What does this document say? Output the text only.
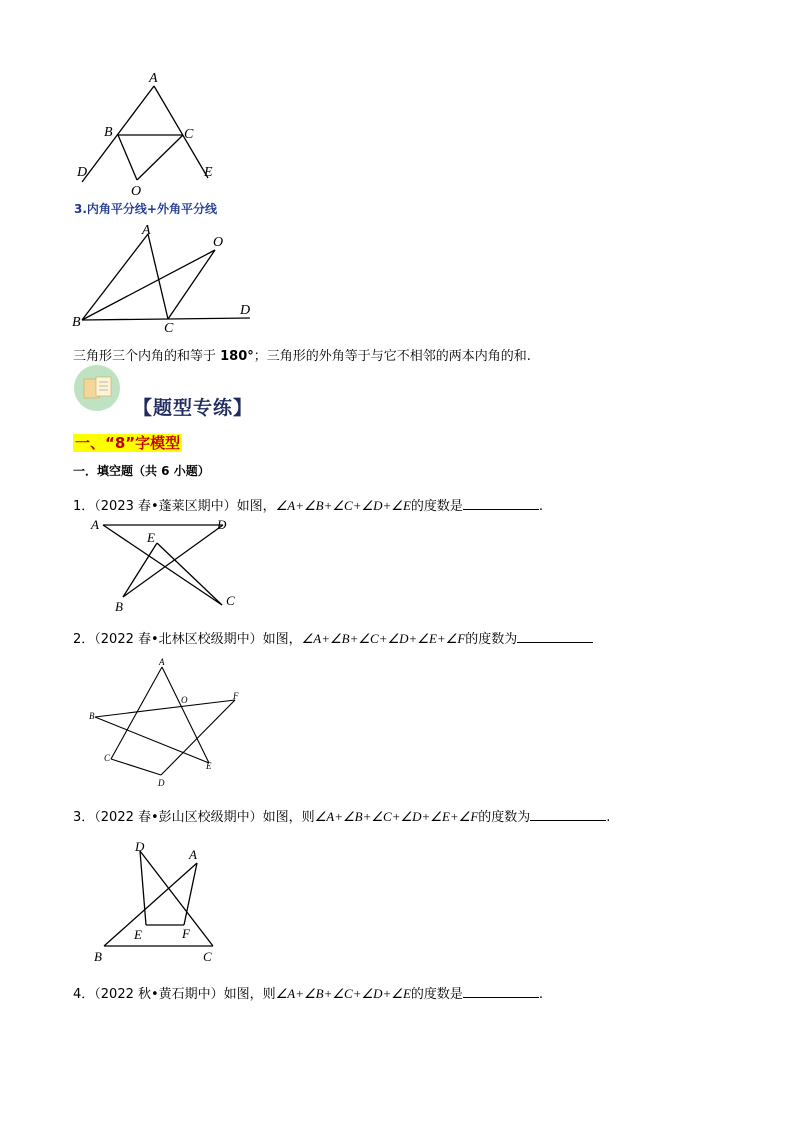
A
B	C
D	E
O
3.内角平分线+外角平分线
A
O
B	C
D
三角形三个内角的和等于 180°；三角形的外角等于与它不相邻的两本内角的和.
【题型专练】
一、“8”字模型
一．填空题（共 6 小题）
1．（2023 春•蓬莱区期中）如图，∠A+∠B+∠C+∠D+∠E的度数是	.
A	D
E
B	C
2．（2022 春•北林区校级期中）如图，∠A+∠B+∠C+∠D+∠E+∠F的度数为
A
O	F
B
C
D
E
3．（2022 春•彭山区校级期中）如图，则∠A+∠B+∠C+∠D+∠E+∠F的度数为	.
D
A
E	F
B	C
4．（2022 秋•黄石期中）如图，则∠A+∠B+∠C+∠D+∠E的度数是	.
